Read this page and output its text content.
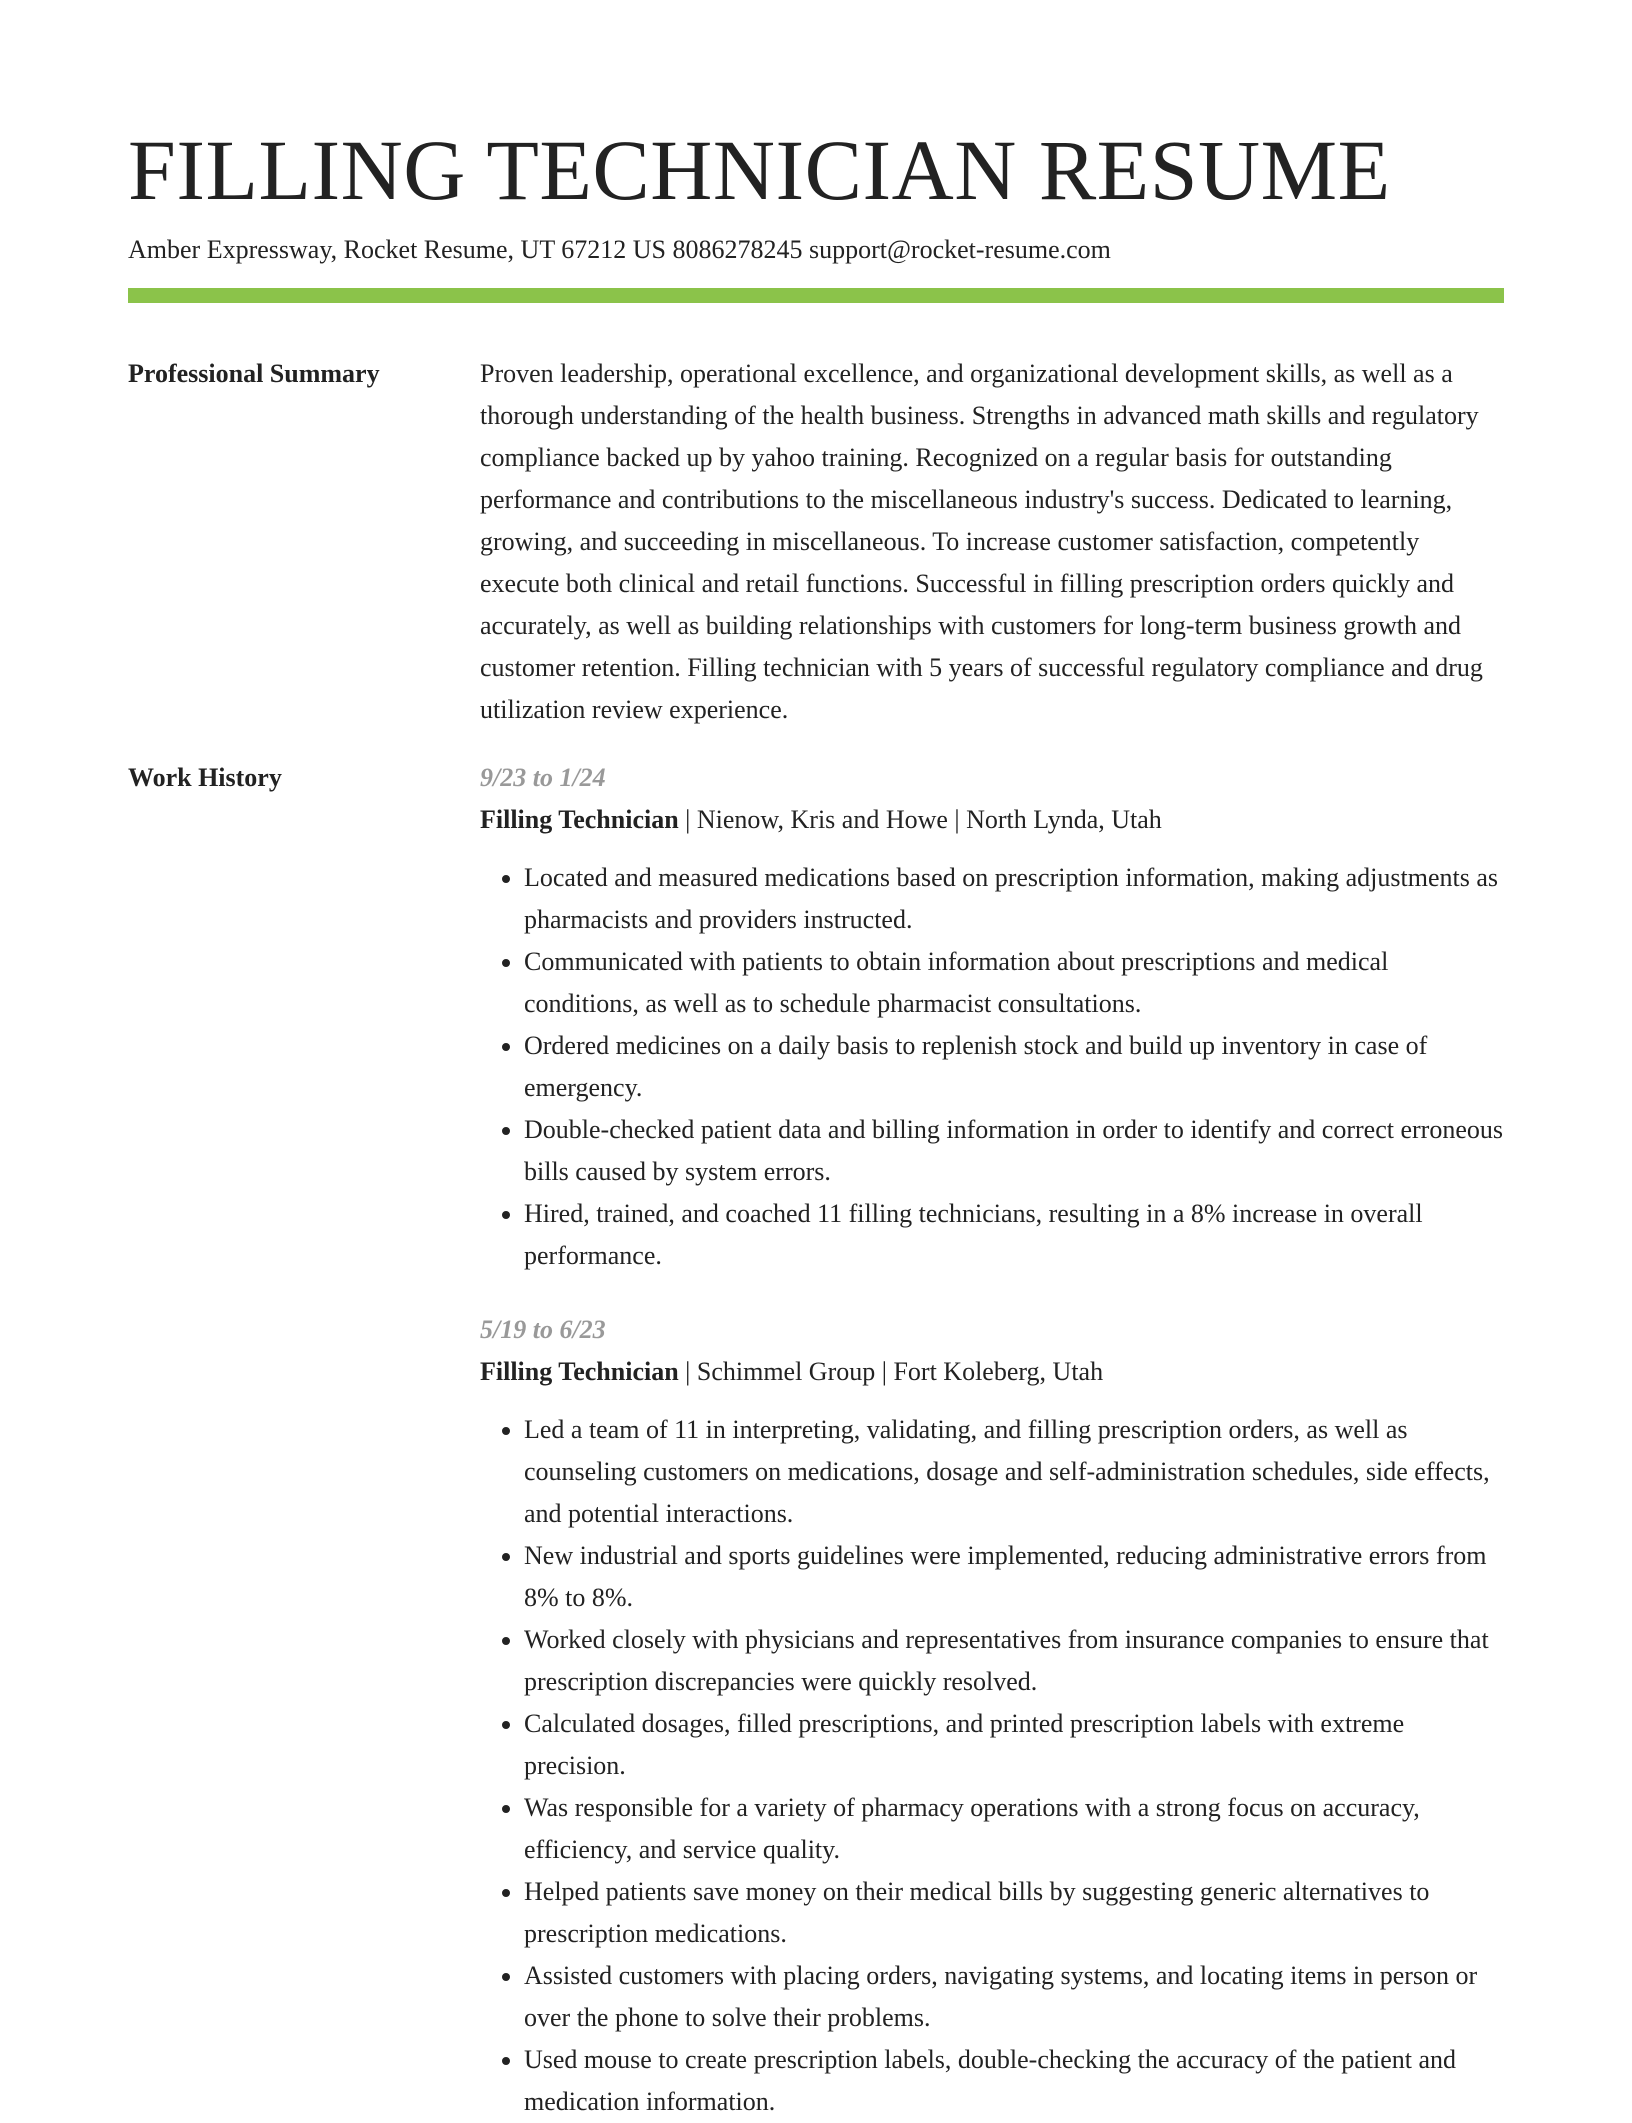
FILLING TECHNICIAN RESUME
Amber Expressway, Rocket Resume, UT 67212 US 8086278245 support@rocket-resume.com
Professional Summary	Proven leadership, operational excellence, and organizational development skills, as well as a thorough understanding of the health business. Strengths in advanced math skills and regulatory compliance backed up by yahoo training. Recognized on a regular basis for outstanding performance and contributions to the miscellaneous industry's success. Dedicated to learning, growing, and succeeding in miscellaneous. To increase customer satisfaction, competently execute both clinical and retail functions. Successful in filling prescription orders quickly and accurately, as well as building relationships with customers for long-term business growth and customer retention. Filling technician with 5 years of successful regulatory compliance and drug utilization review experience.

Work History	9/23 to 1/24
Filling Technician | Nienow, Kris and Howe | North Lynda, Utah
• Located and measured medications based on prescription information, making adjustments as pharmacists and providers instructed.
• Communicated with patients to obtain information about prescriptions and medical conditions, as well as to schedule pharmacist consultations.
• Ordered medicines on a daily basis to replenish stock and build up inventory in case of emergency.
• Double-checked patient data and billing information in order to identify and correct erroneous bills caused by system errors.
• Hired, trained, and coached 11 filling technicians, resulting in a 8% increase in overall performance.
5/19 to 6/23
Filling Technician | Schimmel Group | Fort Koleberg, Utah
• Led a team of 11 in interpreting, validating, and filling prescription orders, as well as counseling customers on medications, dosage and self-administration schedules, side effects, and potential interactions.
• New industrial and sports guidelines were implemented, reducing administrative errors from 8% to 8%.
• Worked closely with physicians and representatives from insurance companies to ensure that prescription discrepancies were quickly resolved.
• Calculated dosages, filled prescriptions, and printed prescription labels with extreme precision.
• Was responsible for a variety of pharmacy operations with a strong focus on accuracy, efficiency, and service quality.
• Helped patients save money on their medical bills by suggesting generic alternatives to prescription medications.
• Assisted customers with placing orders, navigating systems, and locating items in person or over the phone to solve their problems.
• Used mouse to create prescription labels, double-checking the accuracy of the patient and medication information.
